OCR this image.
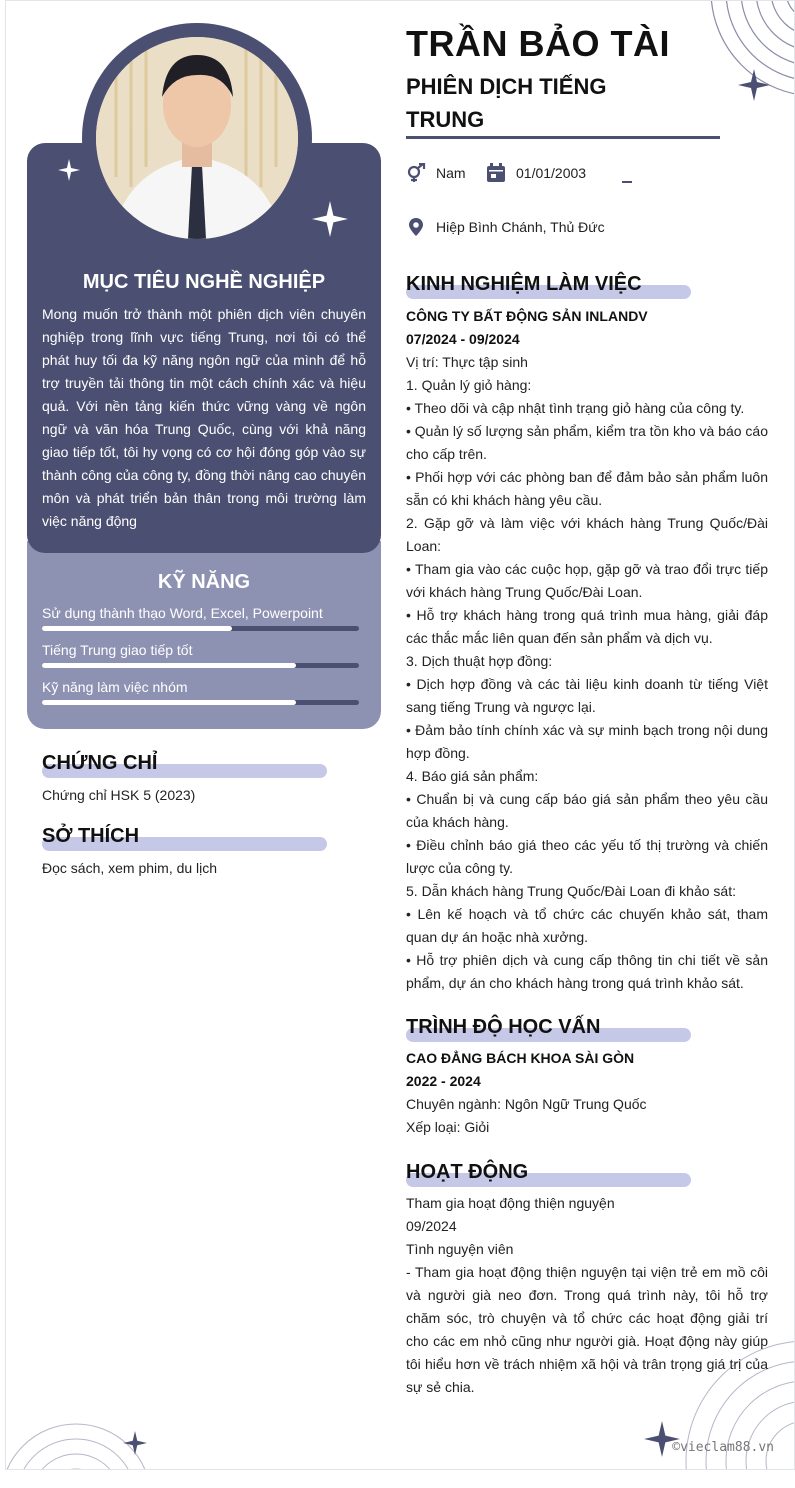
MỤC TIÊU NGHỀ NGHIỆP
Mong muốn trở thành một phiên dịch viên chuyên nghiệp trong lĩnh vực tiếng Trung, nơi tôi có thể phát huy tối đa kỹ năng ngôn ngữ của mình để hỗ trợ truyền tải thông tin một cách chính xác và hiệu quả. Với nền tảng kiến thức vững vàng về ngôn ngữ và văn hóa Trung Quốc, cùng với khả năng giao tiếp tốt, tôi hy vọng có cơ hội đóng góp vào sự thành công của công ty, đồng thời nâng cao chuyên môn và phát triển bản thân trong môi trường làm việc năng động
KỸ NĂNG
Sử dụng thành thạo Word, Excel, Powerpoint
Tiếng Trung giao tiếp tốt
Kỹ năng làm việc nhóm
CHỨNG CHỈ
Chứng chỉ HSK 5 (2023)
SỞ THÍCH
Đọc sách, xem phim, du lịch
TRẦN BẢO TÀI
PHIÊN DỊCH TIẾNG
TRUNG
Nam	01/01/2003
Hiệp Bình Chánh, Thủ Đức
KINH NGHIỆM LÀM VIỆC
CÔNG TY BẤT ĐỘNG SẢN INLANDV
07/2024 - 09/2024
Vị trí: Thực tập sinh
1. Quản lý giỏ hàng:
• Theo dõi và cập nhật tình trạng giỏ hàng của công ty.
• Quản lý số lượng sản phẩm, kiểm tra tồn kho và báo cáo cho cấp trên.
• Phối hợp với các phòng ban để đảm bảo sản phẩm luôn sẵn có khi khách hàng yêu cầu.
2. Gặp gỡ và làm việc với khách hàng Trung Quốc/Đài Loan:
• Tham gia vào các cuộc họp, gặp gỡ và trao đổi trực tiếp với khách hàng Trung Quốc/Đài Loan.
• Hỗ trợ khách hàng trong quá trình mua hàng, giải đáp các thắc mắc liên quan đến sản phẩm và dịch vụ.
3. Dịch thuật hợp đồng:
• Dịch hợp đồng và các tài liệu kinh doanh từ tiếng Việt sang tiếng Trung và ngược lại.
• Đảm bảo tính chính xác và sự minh bạch trong nội dung hợp đồng.
4. Báo giá sản phẩm:
• Chuẩn bị và cung cấp báo giá sản phẩm theo yêu cầu của khách hàng.
• Điều chỉnh báo giá theo các yếu tố thị trường và chiến lược của công ty.
5. Dẫn khách hàng Trung Quốc/Đài Loan đi khảo sát:
• Lên kế hoạch và tổ chức các chuyến khảo sát, tham quan dự án hoặc nhà xưởng.
• Hỗ trợ phiên dịch và cung cấp thông tin chi tiết về sản phẩm, dự án cho khách hàng trong quá trình khảo sát.
TRÌNH ĐỘ HỌC VẤN
CAO ĐẲNG BÁCH KHOA SÀI GÒN
2022 - 2024
Chuyên ngành: Ngôn Ngữ Trung Quốc
Xếp loại: Giỏi
HOẠT ĐỘNG
Tham gia hoạt động thiện nguyện
09/2024
Tình nguyện viên
- Tham gia hoạt động thiện nguyện tại viện trẻ em mồ côi và người già neo đơn. Trong quá trình này, tôi hỗ trợ chăm sóc, trò chuyện và tổ chức các hoạt động giải trí cho các em nhỏ cũng như người già. Hoạt động này giúp tôi hiểu hơn về trách nhiệm xã hội và trân trọng giá trị của sự sẻ chia.
©vieclam88.vn
